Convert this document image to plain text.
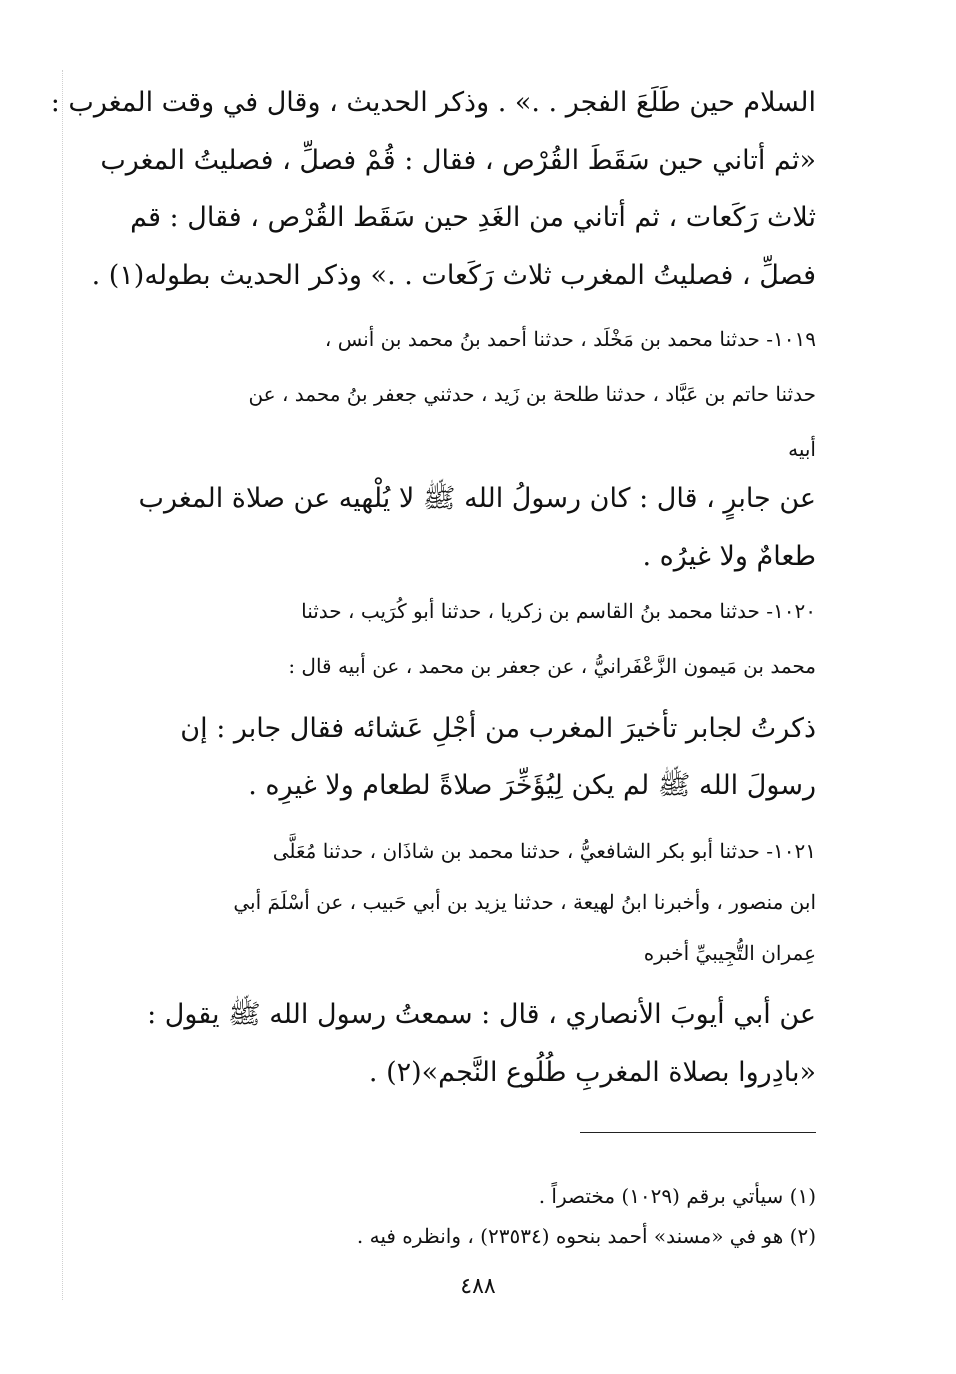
السلام حين طَلَعَ الفجر . .» . وذكر الحديث ، وقال في وقت المغرب :
«ثم أتاني حين سَقَطَ القُرْص ، فقال : قُمْ فصلِّ ، فصليتُ المغرب
ثلاث رَكَعات ، ثم أتاني من الغَدِ حين سَقَط القُرْص ، فقال : قم
فصلِّ ، فصليتُ المغرب ثلاث رَكَعات . .» وذكر الحديث بطوله(١) .
١٠١٩- حدثنا محمد بن مَخْلَد ، حدثنا أحمد بنُ محمد بن أنس ،
حدثنا حاتم بن عَبَّاد ، حدثنا طلحة بن زَيد ، حدثني جعفر بنُ محمد ، عن
أبيه
عن جابرٍ ، قال : كان رسولُ الله ﷺ لا يُلْهيه عن صلاة المغرب
طعامٌ ولا غيرُه .
١٠٢٠- حدثنا محمد بنُ القاسم بن زكريا ، حدثنا أبو كُرَيب ، حدثنا
محمد بن مَيمون الزَّعْفَرانيُّ ، عن جعفر بن محمد ، عن أبيه قال :
ذكرتُ لجابر تأخيرَ المغرب من أجْلِ عَشائه فقال جابر : إن
رسولَ الله ﷺ لم يكن لِيُؤَخِّرَ صلاةً لطعام ولا غيرِه .
١٠٢١- حدثنا أبو بكر الشافعيُّ ، حدثنا محمد بن شاذَان ، حدثنا مُعَلَّى
ابن منصور ، وأخبرنا ابنُ لهيعة ، حدثنا يزيد بن أبي حَبيب ، عن أسْلَمَ أبي
عِمران التُّجِيبيِّ أخبره
عن أبي أيوبَ الأنصاري ، قال : سمعتُ رسول الله ﷺ يقول :
«بادِروا بصلاة المغربِ طُلُوع النَّجم»(٢) .
(١) سيأتي برقم (١٠٢٩) مختصراً .
(٢) هو في «مسند» أحمد بنحوه (٢٣٥٣٤) ، وانظره فيه .
٤٨٨
